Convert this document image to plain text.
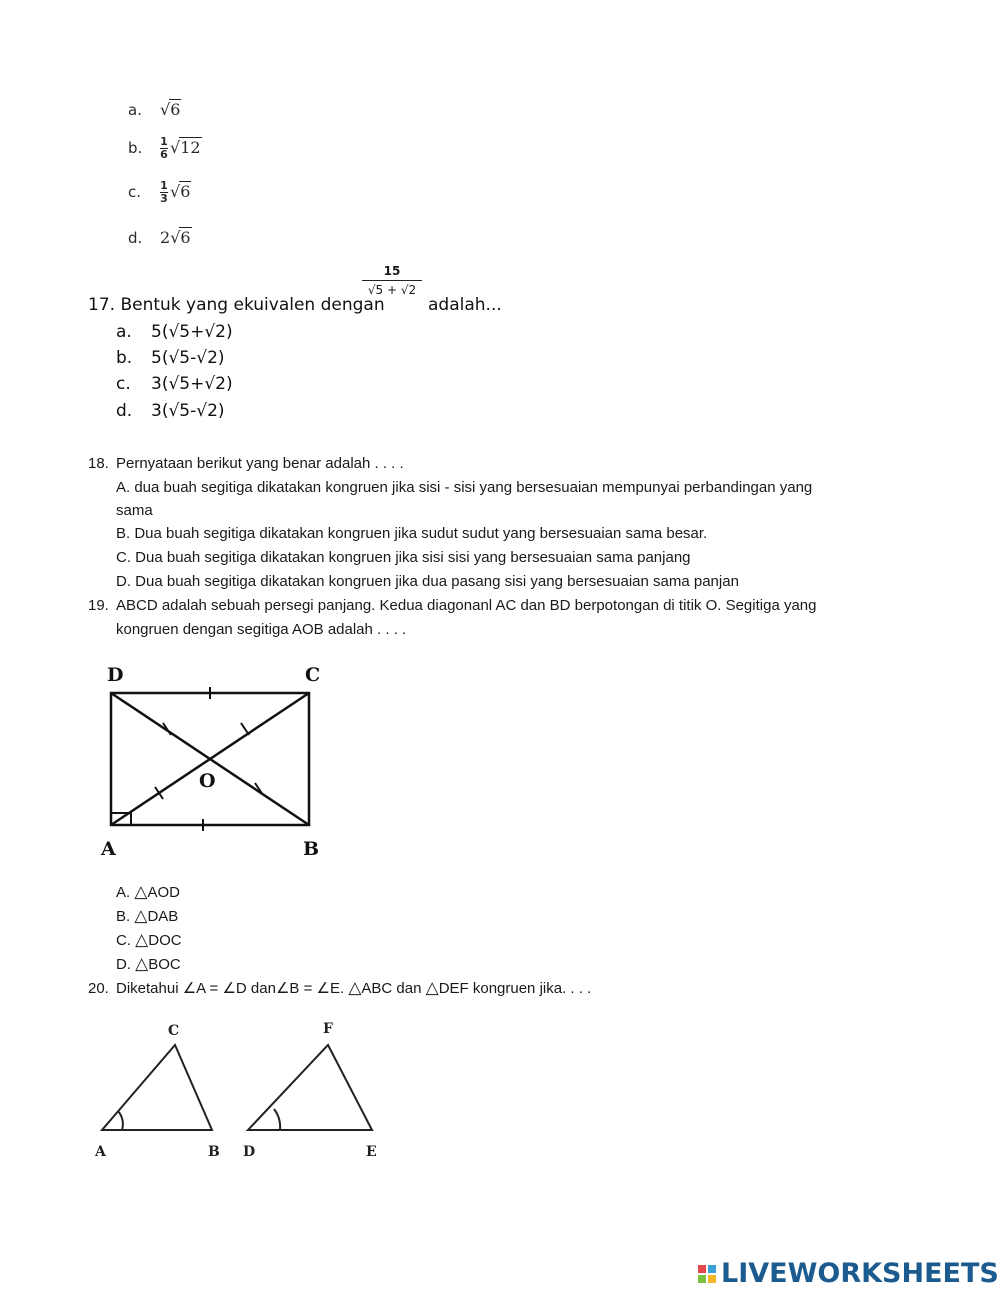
a. √6
b. $\frac{1}{6} √12$
c. $\frac{1}{3} √6$
d. 2√6
17. Bentuk yang ekuivalen dengan
15
√5 + √2
adalah...
a. 5(√5+√2)
b. 5(√5-√2)
c. 3(√5+√2)
d. 3(√5-√2)
18. Pernyataan berikut yang benar adalah . . . .
A. dua buah segitiga dikatakan kongruen jika sisi - sisi yang bersesuaian mempunyai perbandingan yang
sama
B. Dua buah segitiga dikatakan kongruen jika sudut sudut yang bersesuaian sama besar.
C. Dua buah segitiga dikatakan kongruen jika sisi sisi yang bersesuaian sama panjang
D. Dua buah segitiga dikatakan kongruen jika dua pasang sisi yang bersesuaian sama panjan
19. ABCD adalah sebuah persegi panjang. Kedua diagonanl AC dan BD berpotongan di titik O. Segitiga yang
kongruen dengan segitiga AOB adalah . . . .
D	C
A	B
O
A. △AOD
B. △DAB
C. △DOC
D. △BOC
20. Diketahui ∠A = ∠D dan∠B = ∠E. △ABC dan △DEF kongruen jika. . . .
C
A	B
F
D	E
LIVEWORKSHEETS
